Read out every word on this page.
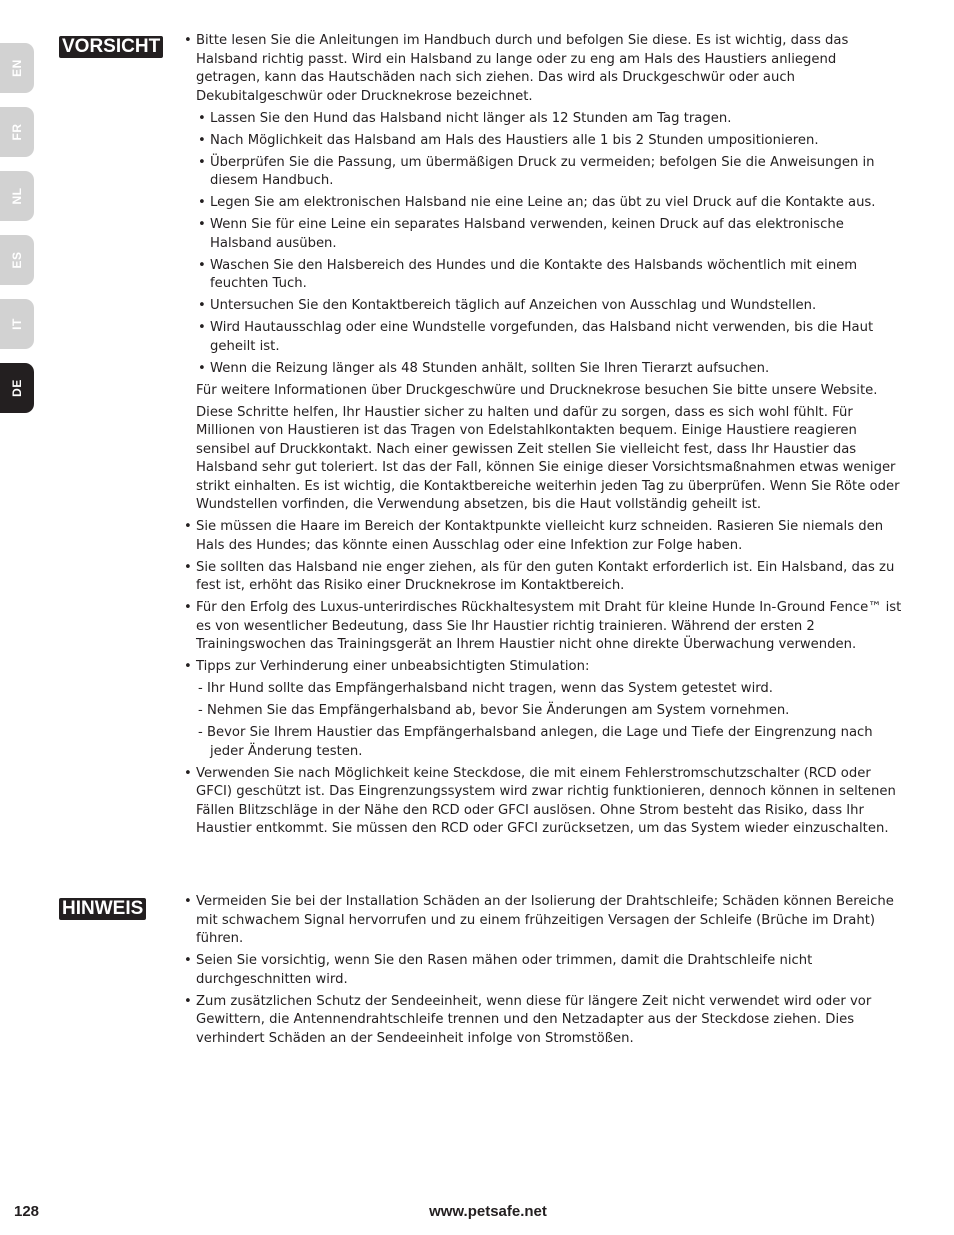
EN
FR
NL
ES
IT
DE
VORSICHT • Bitte lesen Sie die Anleitungen im Handbuch durch und befolgen Sie diese. Es ist wichtig, dass das Halsband richtig passt. Wird ein Halsband zu lange oder zu eng am Hals des Haustiers anliegend getragen, kann das Hautschäden nach sich ziehen. Das wird als Druckgeschwür oder auch Dekubitalgeschwür oder Drucknekrose bezeichnet.

• Lassen Sie den Hund das Halsband nicht länger als 12 Stunden am Tag tragen.

• Nach Möglichkeit das Halsband am Hals des Haustiers alle 1 bis 2 Stunden umpositionieren.

• Überprüfen Sie die Passung, um übermäßigen Druck zu vermeiden; befolgen Sie die Anweisungen in diesem Handbuch.

• Legen Sie am elektronischen Halsband nie eine Leine an; das übt zu viel Druck auf die Kontakte aus.

• Wenn Sie für eine Leine ein separates Halsband verwenden, keinen Druck auf das elektronische Halsband ausüben.

• Waschen Sie den Halsbereich des Hundes und die Kontakte des Halsbands wöchentlich mit einem feuchten Tuch.

• Untersuchen Sie den Kontaktbereich täglich auf Anzeichen von Ausschlag und Wundstellen.

• Wird Hautausschlag oder eine Wundstelle vorgefunden, das Halsband nicht verwenden, bis die Haut geheilt ist.

• Wenn die Reizung länger als 48 Stunden anhält, sollten Sie Ihren Tierarzt aufsuchen.

Für weitere Informationen über Druckgeschwüre und Drucknekrose besuchen Sie bitte unsere Website.

Diese Schritte helfen, Ihr Haustier sicher zu halten und dafür zu sorgen, dass es sich wohl fühlt. Für Millionen von Haustieren ist das Tragen von Edelstahlkontakten bequem. Einige Haustiere reagieren sensibel auf Druckkontakt. Nach einer gewissen Zeit stellen Sie vielleicht fest, dass Ihr Haustier das Halsband sehr gut toleriert. Ist das der Fall, können Sie einige dieser Vorsichtsmaßnahmen etwas weniger strikt einhalten. Es ist wichtig, die Kontaktbereiche weiterhin jeden Tag zu überprüfen. Wenn Sie Röte oder Wundstellen vorfinden, die Verwendung absetzen, bis die Haut vollständig geheilt ist.

• Sie müssen die Haare im Bereich der Kontaktpunkte vielleicht kurz schneiden. Rasieren Sie niemals den Hals des Hundes; das könnte einen Ausschlag oder eine Infektion zur Folge haben.

• Sie sollten das Halsband nie enger ziehen, als für den guten Kontakt erforderlich ist. Ein Halsband, das zu fest ist, erhöht das Risiko einer Drucknekrose im Kontaktbereich.

• Für den Erfolg des Luxus-unterirdisches Rückhaltesystem mit Draht für kleine Hunde In-Ground Fence™ ist es von wesentlicher Bedeutung, dass Sie Ihr Haustier richtig trainieren. Während der ersten 2 Trainingswochen das Trainingsgerät an Ihrem Haustier nicht ohne direkte Überwachung verwenden.

• Tipps zur Verhinderung einer unbeabsichtigten Stimulation:

- Ihr Hund sollte das Empfängerhalsband nicht tragen, wenn das System getestet wird.

- Nehmen Sie das Empfängerhalsband ab, bevor Sie Änderungen am System vornehmen.

- Bevor Sie Ihrem Haustier das Empfängerhalsband anlegen, die Lage und Tiefe der Eingrenzung nach jeder Änderung testen.

• Verwenden Sie nach Möglichkeit keine Steckdose, die mit einem Fehlerstromschutzschalter (RCD oder GFCI) geschützt ist. Das Eingrenzungssystem wird zwar richtig funktionieren, dennoch können in seltenen Fällen Blitzschläge in der Nähe den RCD oder GFCI auslösen. Ohne Strom besteht das Risiko, dass Ihr Haustier entkommt. Sie müssen den RCD oder GFCI zurücksetzen, um das System wieder einzuschalten.

HINWEIS	• Vermeiden Sie bei der Installation Schäden an der Isolierung der Drahtschleife; Schäden können Bereiche mit schwachem Signal hervorrufen und zu einem frühzeitigen Versagen der Schleife (Brüche im Draht) führen.

• Seien Sie vorsichtig, wenn Sie den Rasen mähen oder trimmen, damit die Drahtschleife nicht durchgeschnitten wird.

• Zum zusätzlichen Schutz der Sendeeinheit, wenn diese für längere Zeit nicht verwendet wird oder vor Gewittern, die Antennendrahtschleife trennen und den Netzadapter aus der Steckdose ziehen. Dies verhindert Schäden an der Sendeeinheit infolge von Stromstößen.

128	www.petsafe.net
